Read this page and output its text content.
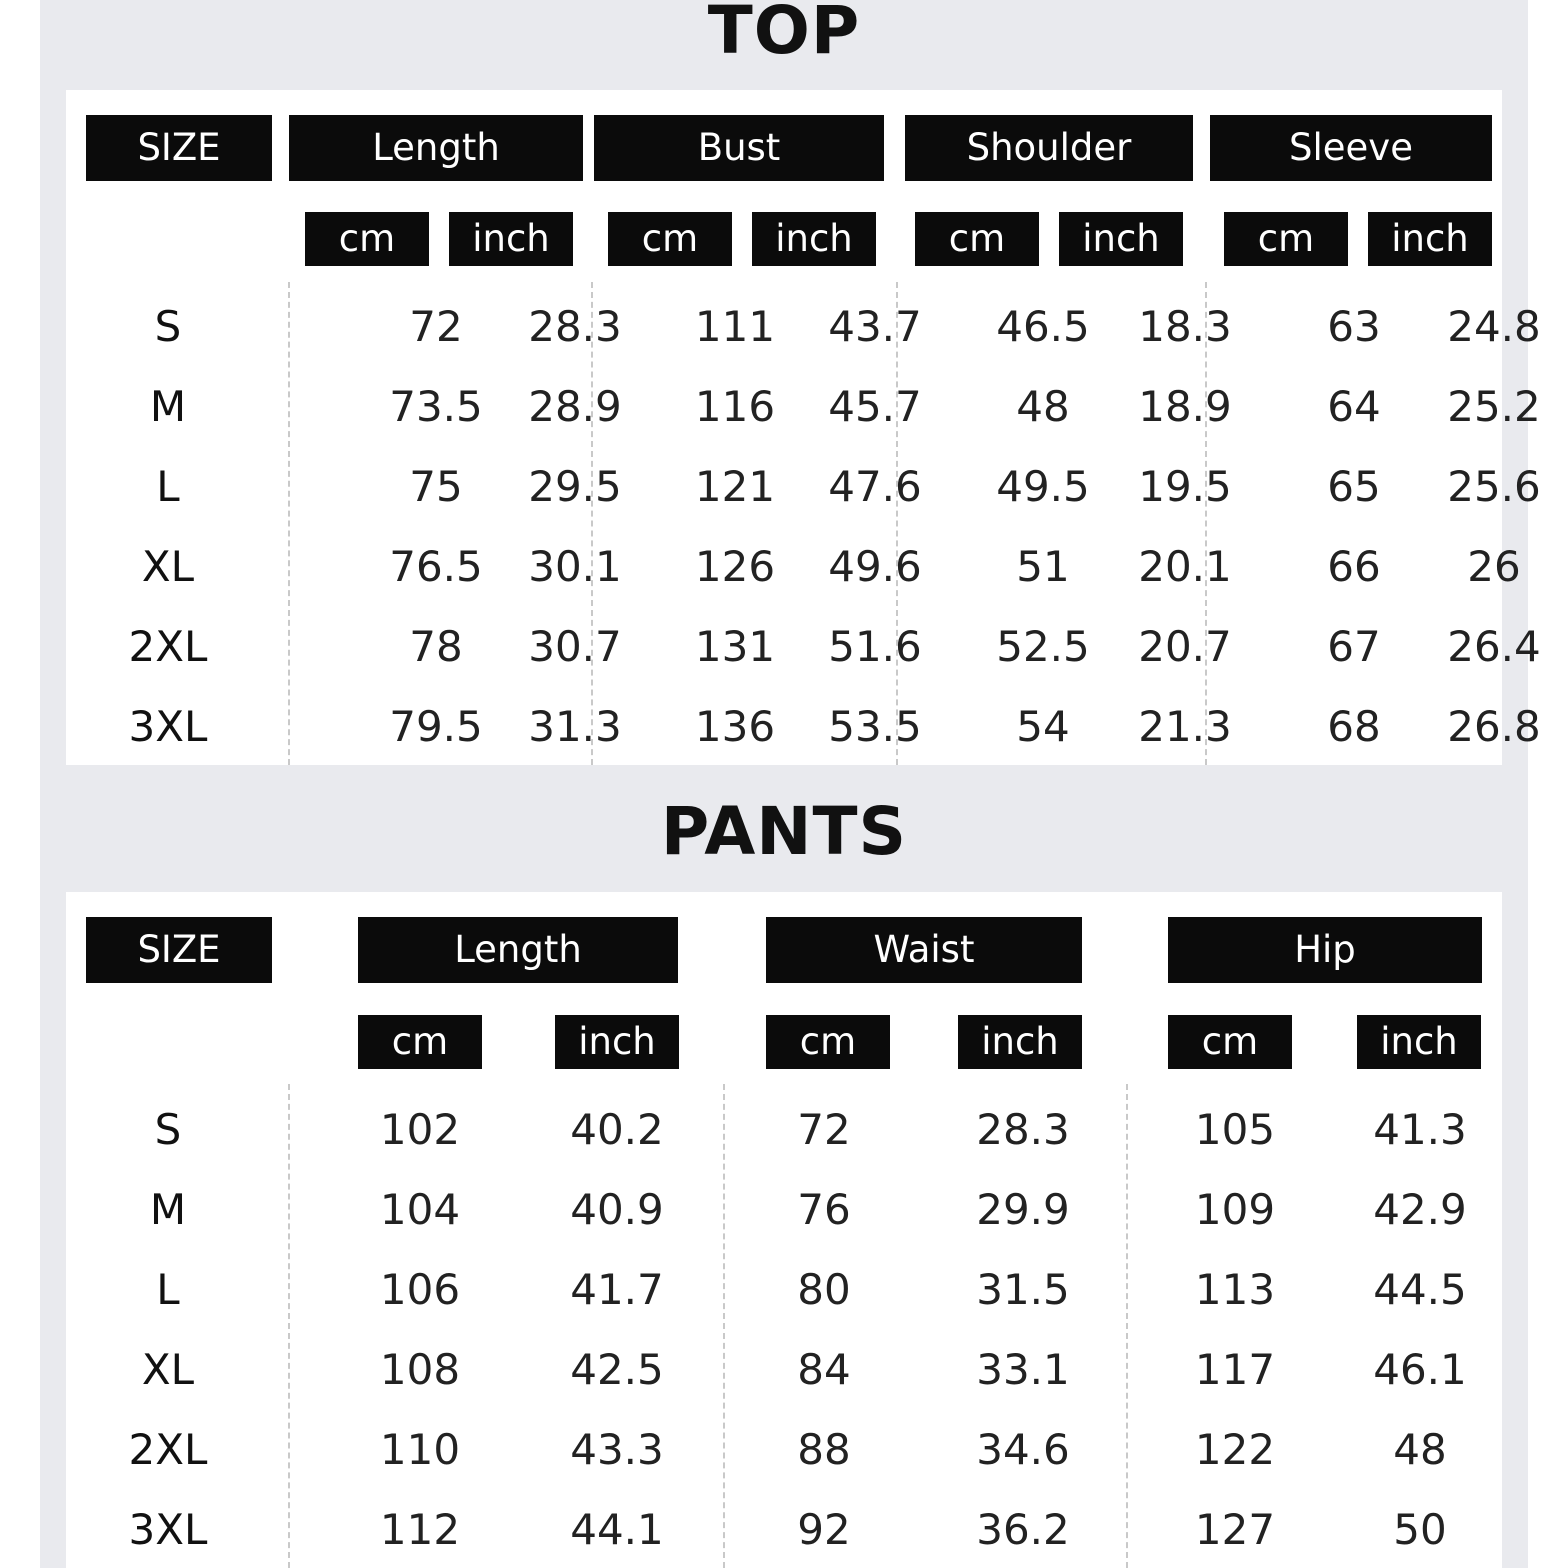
TOP
SIZE	Length
cm	inch
Bust
cm	inch
Shoulder
cm	inch
Sleeve
cm	inch
S	72	28.3	111	43.7	46.5	18.3	63	24.8
M	73.5	28.9	116	45.7	48	18.9	64	25.2
L	75	29.5	121	47.6	49.5	19.5	65	25.6
XL	76.5	30.1	126	49.6	51	20.1	66	26
2XL	78	30.7	131	51.6	52.5	20.7	67	26.4
3XL	79.5	31.3	136	53.5	54	21.3	68	26.8
PANTS
SIZE	Length
cm	inch
Waist
cm	inch
Hip
cm	inch
S	102	40.2	72	28.3	105	41.3
M	104	40.9	76	29.9	109	42.9
L	106	41.7	80	31.5	113	44.5
XL	108	42.5	84	33.1	117	46.1
2XL	110	43.3	88	34.6	122	48
3XL	112	44.1	92	36.2	127	50
